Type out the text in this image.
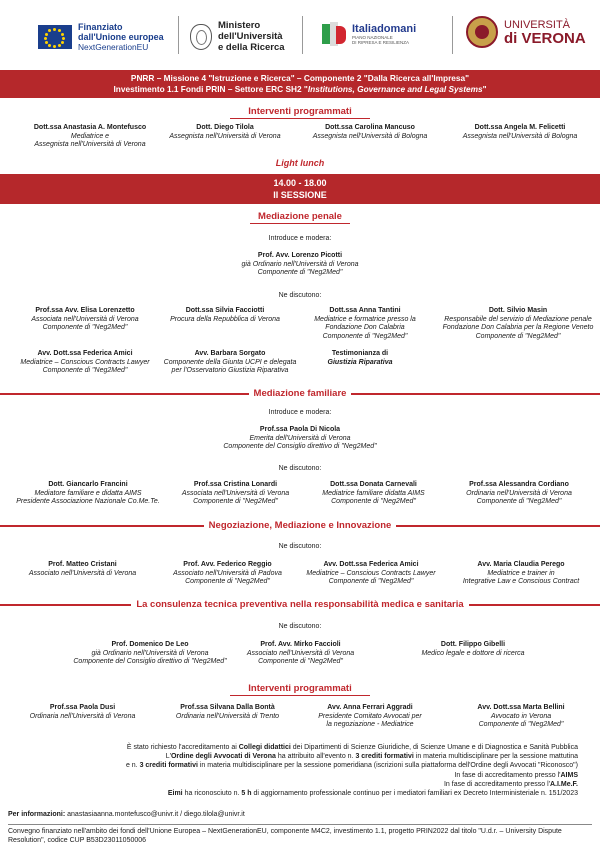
Finanziato
dall'Unione europea
NextGenerationEU
Ministero
dell'Università
e della Ricerca
Italiadomani
PIANO NAZIONALE
DI RIPRESA E RESILIENZA
UNIVERSITÀ
di VERONA
PNRR – Missione 4 "Istruzione e Ricerca" – Componente 2 "Dalla Ricerca all'Impresa"
Investimento 1.1 Fondi PRIN – Settore ERC SH2 "Institutions, Governance and Legal Systems"
Interventi programmati
Dott.ssa Anastasia A. Montefusco
Mediatrice e
Assegnista nell'Università di Verona
Dott. Diego Tilola
Assegnista nell'Università di Verona
Dott.ssa Carolina Mancuso
Assegnista nell'Università di Bologna
Dott.ssa Angela M. Felicetti
Assegnista nell'Università di Bologna
Light lunch
14.00 - 18.00
II SESSIONE
Mediazione penale
Introduce e modera:
Prof. Avv. Lorenzo Picotti
già Ordinario nell'Università di Verona
Componente di "Neg2Med"
Ne discutono:
Prof.ssa Avv. Elisa Lorenzetto
Associata nell'Università di Verona
Componente di "Neg2Med"
Dott.ssa Silvia Facciotti
Procura della Repubblica di Verona
Dott.ssa Anna Tantini
Mediatrice e formatrice presso la
Fondazione Don Calabria
Componente di "Neg2Med"
Dott. Silvio Masin
Responsabile del servizio di Mediazione penale
Fondazione Don Calabria per la Regione Veneto
Componente di "Neg2Med"
Avv. Dott.ssa Federica Amici
Mediatrice – Conscious Contracts Lawyer
Componente di "Neg2Med"
Avv. Barbara Sorgato
Componente della Giunta UCPI e delegata
per l'Osservatorio Giustizia Riparativa
Testimonianza di
Giustizia Riparativa
Mediazione familiare
Introduce e modera:
Prof.ssa Paola Di Nicola
Emerita dell'Università di Verona
Componente del Consiglio direttivo di "Neg2Med"
Ne discutono:
Dott. Giancarlo Francini
Mediatore familiare e didatta AIMS
Presidente Associazione Nazionale Co.Me.Te.
Prof.ssa Cristina Lonardi
Associata nell'Università di Verona
Componente di "Neg2Med"
Dott.ssa Donata Carnevali
Mediatrice familiare didatta AIMS
Componente di "Neg2Med"
Prof.ssa Alessandra Cordiano
Ordinaria nell'Università di Verona
Componente di "Neg2Med"
Negoziazione, Mediazione e Innovazione
Ne discutono:
Prof. Matteo Cristani
Associato nell'Università di Verona
Prof. Avv. Federico Reggio
Associato nell'Università di Padova
Componente di "Neg2Med"
Avv. Dott.ssa Federica Amici
Mediatrice – Conscious Contracts Lawyer
Componente di "Neg2Med"
Avv. Maria Claudia Perego
Mediatrice e trainer in
Integrative Law e Conscious Contract
La consulenza tecnica preventiva nella responsabilità medica e sanitaria
Ne discutono:
Prof. Domenico De Leo
già Ordinario nell'Università di Verona
Componente del Consiglio direttivo di "Neg2Med"
Prof. Avv. Mirko Faccioli
Associato nell'Università di Verona
Componente di "Neg2Med"
Dott. Filippo Gibelli
Medico legale e dottore di ricerca
Interventi programmati
Prof.ssa Paola Dusi
Ordinaria nell'Università di Verona
Prof.ssa Silvana Dalla Bontà
Ordinaria nell'Università di Trento
Avv. Anna Ferrari Aggradi
Presidente Comitato Avvocati per
la negoziazione - Mediatrice
Avv. Dott.ssa Marta Bellini
Avvocato in Verona
Componente di "Neg2Med"
È stato richiesto l'accreditamento ai Collegi didattici dei Dipartimenti di Scienze Giuridiche, di Scienze Umane e di Diagnostica e Sanità Pubblica
L'Ordine degli Avvocati di Verona ha attribuito all'evento n. 3 crediti formativi in materia multidisciplinare per la sessione mattutina
e n. 3 crediti formativi in materia multidisciplinare per la sessione pomeridiana (iscrizioni sulla piattaforma dell'Ordine degli Avvocati "Riconosco")
In fase di accreditamento presso l'AIMS
In fase di accreditamento presso l'A.I.Me.F.
Eimi ha riconosciuto n. 5 h di aggiornamento professionale continuo per i mediatori familiari ex Decreto Interministeriale n. 151/2023
Per informazioni: anastasiaanna.montefusco@univr.it / diego.tilola@univr.it
Convegno finanziato nell'ambito dei fondi dell'Unione Europea – NextGenerationEU, componente M4C2, investimento 1.1, progetto PRIN2022 dal titolo "U.d.r. – University Dispute Resolution", codice CUP B53D23011050006
